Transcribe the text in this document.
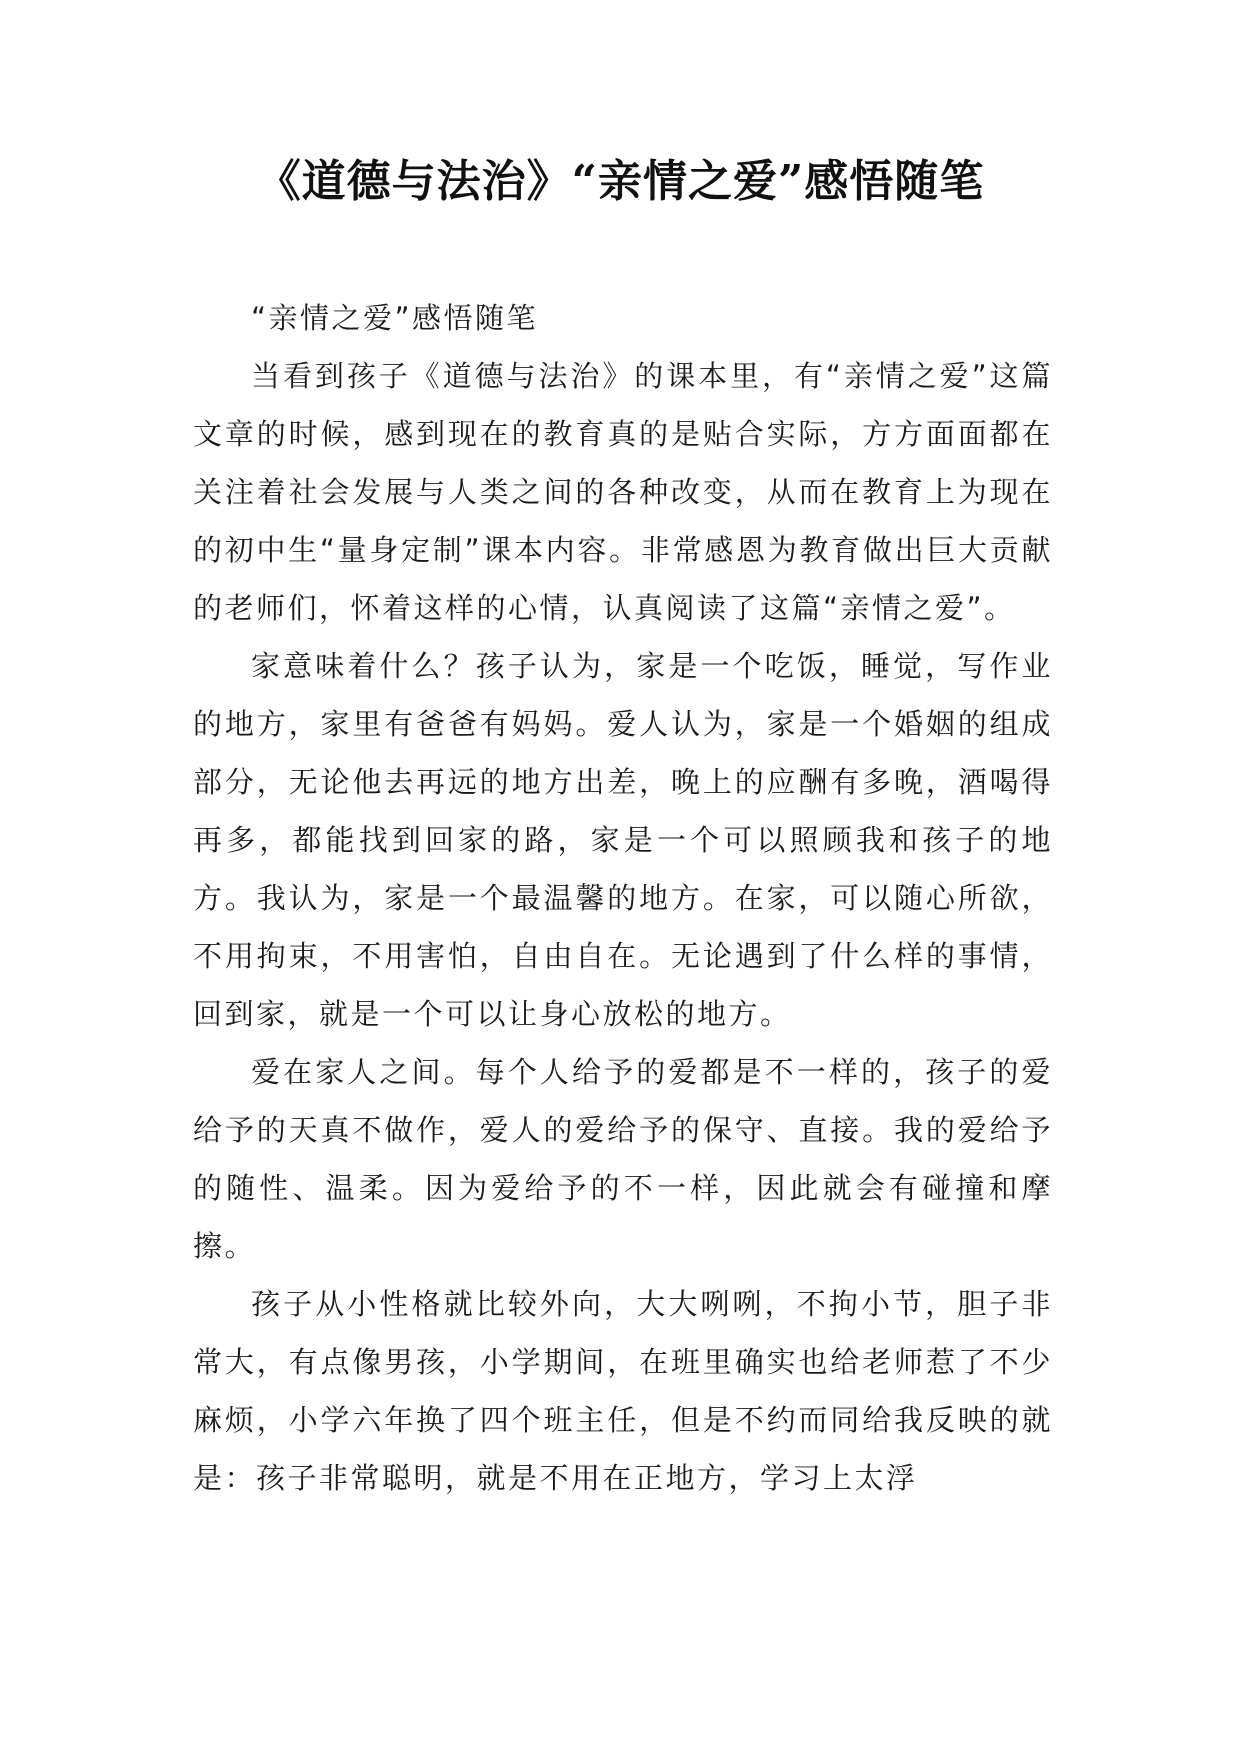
《道德与法治》“亲情之爱”感悟随笔

“亲情之爱”感悟随笔

当看到孩子《道德与法治》的课本里，有“亲情之爱”这篇文章的时候，感到现在的教育真的是贴合实际，方方面面都在关注着社会发展与人类之间的各种改变，从而在教育上为现在的初中生“量身定制”课本内容。非常感恩为教育做出巨大贡献的老师们，怀着这样的心情，认真阅读了这篇“亲情之爱”。

家意味着什么？孩子认为，家是一个吃饭，睡觉，写作业的地方，家里有爸爸有妈妈。爱人认为，家是一个婚姻的组成部分，无论他去再远的地方出差，晚上的应酬有多晚，酒喝得再多，都能找到回家的路，家是一个可以照顾我和孩子的地方。我认为，家是一个最温馨的地方。在家，可以随心所欲，不用拘束，不用害怕，自由自在。无论遇到了什么样的事情，回到家，就是一个可以让身心放松的地方。

爱在家人之间。每个人给予的爱都是不一样的，孩子的爱给予的天真不做作，爱人的爱给予的保守、直接。我的爱给予的随性、温柔。因为爱给予的不一样，因此就会有碰撞和摩擦。

孩子从小性格就比较外向，大大咧咧，不拘小节，胆子非常大，有点像男孩，小学期间，在班里确实也给老师惹了不少麻烦，小学六年换了四个班主任，但是不约而同给我反映的就是：孩子非常聪明，就是不用在正地方，学习上太浮
